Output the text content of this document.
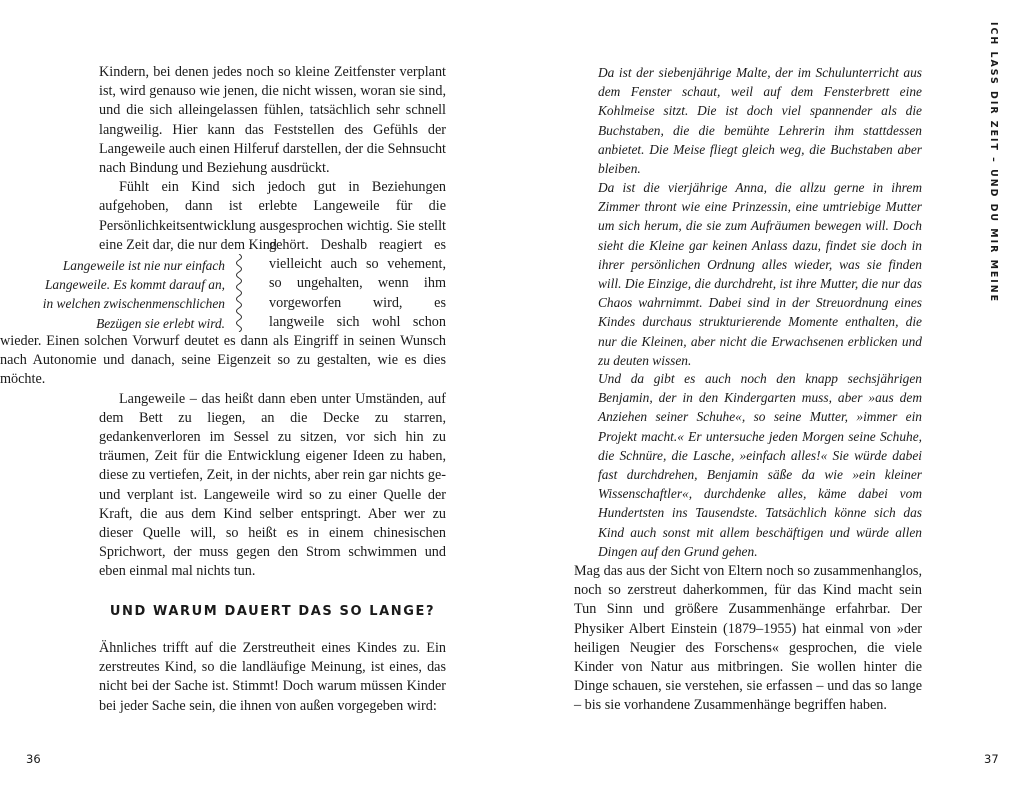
Kindern, bei denen jedes noch so kleine Zeitfenster verplant ist, wird genauso wie jenen, die nicht wissen, woran sie sind, und die sich alleingelassen fühlen, tatsächlich sehr schnell langweilig. Hier kann das Feststellen des Gefühls der Langeweile auch einen Hilferuf darstellen, der die Sehnsucht nach Bindung und Beziehung ausdrückt.

Fühlt ein Kind sich jedoch gut in Beziehungen aufgehoben, dann ist erlebte Langeweile für die Persönlichkeitsentwicklung ausgesprochen wichtig. Sie stellt eine Zeit dar, die nur dem Kind

gehört. Deshalb reagiert es vielleicht auch so vehement, so ungehalten, wenn ihm vorgeworfen wird, es langweile sich wohl schon wieder. Einen solchen Vorwurf deutet es dann als Eingriff in seinen Wunsch nach Autonomie und danach, seine Eigenzeit so zu gestalten, wie es dies möchte.

Langeweile – das heißt dann eben unter Umständen, auf dem Bett zu liegen, an die Decke zu starren, gedankenverloren im Sessel zu sitzen, vor sich hin zu träumen, Zeit für die Entwicklung eigener Ideen zu haben, diese zu vertiefen, Zeit, in der nichts, aber rein gar nichts ge- und verplant ist. Langeweile wird so zu einer Quelle der Kraft, die aus dem Kind selber entspringt. Aber wer zu dieser Quelle will, so heißt es in einem chinesischen Sprichwort, der muss gegen den Strom schwimmen und eben einmal mal nichts tun.

Langeweile ist nie nur einfach Langeweile. Es kommt darauf an, in welchen zwischenmenschlichen Bezügen sie erlebt wird.
UND WARUM DAUERT DAS SO LANGE?

Ähnliches trifft auf die Zerstreutheit eines Kindes zu. Ein zerstreutes Kind, so die landläufige Meinung, ist eines, das nicht bei der Sache ist. Stimmt! Doch warum müssen Kinder bei jeder Sache sein, die ihnen von außen vorgegeben wird:

36
ICH LASS DIR ZEIT – UND DU MIR MEINE

Da ist der siebenjährige Malte, der im Schulunterricht aus dem Fenster schaut, weil auf dem Fensterbrett eine Kohlmeise sitzt. Die ist doch viel spannender als die Buchstaben, die die bemühte Lehrerin ihm stattdessen anbietet. Die Meise fliegt gleich weg, die Buchstaben aber bleiben.

Da ist die vierjährige Anna, die allzu gerne in ihrem Zimmer thront wie eine Prinzessin, eine umtriebige Mutter um sich herum, die sie zum Aufräumen bewegen will. Doch sieht die Kleine gar keinen Anlass dazu, findet sie doch in ihrer persönlichen Ordnung alles wieder, was sie finden will. Die Einzige, die durchdreht, ist ihre Mutter, die nur das Chaos wahrnimmt. Dabei sind in der Streuordnung eines Kindes durchaus strukturierende Momente enthalten, die nur die Kleinen, aber nicht die Erwachsenen erblicken und zu deuten wissen.

Und da gibt es auch noch den knapp sechsjährigen Benjamin, der in den Kindergarten muss, aber »aus dem Anziehen seiner Schuhe«, so seine Mutter, »immer ein Projekt macht.« Er untersuche jeden Morgen seine Schuhe, die Schnüre, die Lasche, »einfach alles!« Sie würde dabei fast durchdrehen, Benjamin säße da wie »ein kleiner Wissenschaftler«, durchdenke alles, käme dabei vom Hundertsten ins Tausendste. Tatsächlich könne sich das Kind auch sonst mit allem beschäftigen und würde allen Dingen auf den Grund gehen.

Mag das aus der Sicht von Eltern noch so zusammenhanglos, noch so zerstreut daherkommen, für das Kind macht sein Tun Sinn und größere Zusammenhänge erfahrbar. Der Physiker Albert Einstein (1879–1955) hat einmal von »der heiligen Neugier des Forschens« gesprochen, die viele Kinder von Natur aus mitbringen. Sie wollen hinter die Dinge schauen, sie verstehen, sie erfassen – und das so lange – bis sie vorhandene Zusammenhänge begriffen haben.

37
